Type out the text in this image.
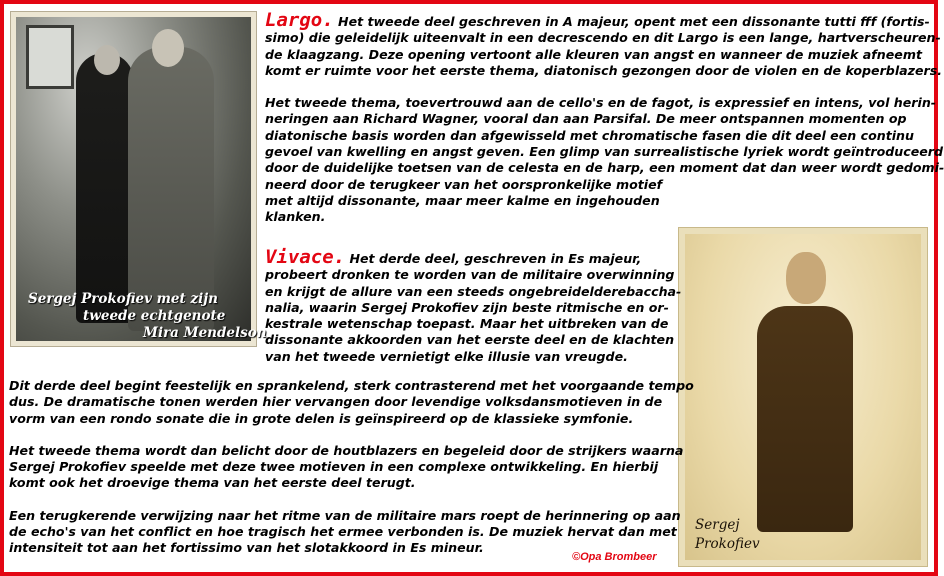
Sergej Prokofiev met zijn
tweede echtgenote
Mira Mendelson
Sergej
Prokofiev
Largo. Het tweede deel geschreven in A majeur, opent met een dissonante tutti fff (fortis-
simo) die geleidelijk uiteenvalt in een decrescendo en dit Largo is een lange, hartverscheuren-
de klaagzang. Deze opening vertoont alle kleuren van angst en wanneer de muziek afneemt
komt er ruimte voor het eerste thema, diatonisch gezongen door de violen en de koperblazers.
Het tweede thema, toevertrouwd aan de cello's en de fagot, is expressief en intens, vol herin-
neringen aan Richard Wagner, vooral dan aan Parsifal. De meer ontspannen momenten op
diatonische basis worden dan afgewisseld met chromatische fasen die dit deel een continu
gevoel van kwelling en angst geven. Een glimp van surrealistische lyriek wordt geïntroduceerd
door de duidelijke toetsen van de celesta en de harp, een moment dat dan weer wordt gedomi-
neerd door de terugkeer van het oorspronkelijke motief
met altijd dissonante, maar meer kalme en ingehouden
klanken.
Vivace. Het derde deel, geschreven in Es majeur,
probeert dronken te worden van de militaire overwinning
en krijgt de allure van een steeds ongebreidelderebaccha-
nalia, waarin Sergej Prokofiev zijn beste ritmische en or-
kestrale wetenschap toepast. Maar het uitbreken van de
dissonante akkoorden van het eerste deel en de klachten
van het tweede vernietigt elke illusie van vreugde.
Dit derde deel begint feestelijk en sprankelend, sterk contrasterend met het voorgaande tempo
dus. De dramatische tonen werden hier vervangen door levendige volksdansmotieven in de
vorm van een rondo sonate die in grote delen is geïnspireerd op de klassieke symfonie.
Het tweede thema wordt dan belicht door de houtblazers en begeleid door de strijkers waarna
Sergej Prokofiev speelde met deze twee motieven in een complexe ontwikkeling. En hierbij
komt ook het droevige thema van het eerste deel terugt.
Een terugkerende verwijzing naar het ritme van de militaire mars roept de herinnering op aan
de echo's van het conflict en hoe tragisch het ermee verbonden is. De muziek hervat dan met
intensiteit tot aan het fortissimo van het slotakkoord in Es mineur.
©Opa Brombeer
